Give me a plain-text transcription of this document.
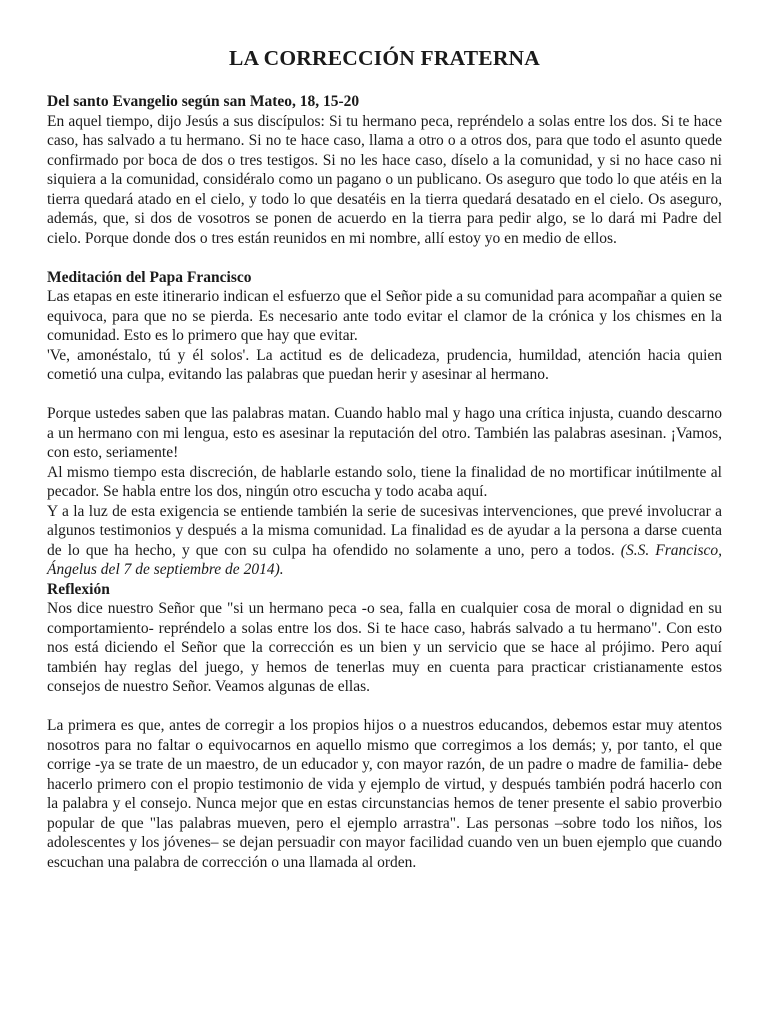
LA CORRECCIÓN FRATERNA
Del santo Evangelio según san Mateo, 18, 15-20

En aquel tiempo, dijo Jesús a sus discípulos: Si tu hermano peca, repréndelo a solas entre los dos. Si te hace caso, has salvado a tu hermano. Si no te hace caso, llama a otro o a otros dos, para que todo el asunto quede confirmado por boca de dos o tres testigos. Si no les hace caso, díselo a la comunidad, y si no hace caso ni siquiera a la comunidad, considéralo como un pagano o un publicano. Os aseguro que todo lo que atéis en la tierra quedará atado en el cielo, y todo lo que desatéis en la tierra quedará desatado en el cielo. Os aseguro, además, que, si dos de vosotros se ponen de acuerdo en la tierra para pedir algo, se lo dará mi Padre del cielo. Porque donde dos o tres están reunidos en mi nombre, allí estoy yo en medio de ellos.

Meditación del Papa Francisco

Las etapas en este itinerario indican el esfuerzo que el Señor pide a su comunidad para acompañar a quien se equivoca, para que no se pierda. Es necesario ante todo evitar el clamor de la crónica y los chismes en la comunidad. Esto es lo primero que hay que evitar.

'Ve, amonéstalo, tú y él solos'. La actitud es de delicadeza, prudencia, humildad, atención hacia quien cometió una culpa, evitando las palabras que puedan herir y asesinar al hermano.

Porque ustedes saben que las palabras matan. Cuando hablo mal y hago una crítica injusta, cuando descarno a un hermano con mi lengua, esto es asesinar la reputación del otro. También las palabras asesinan. ¡Vamos, con esto, seriamente!

Al mismo tiempo esta discreción, de hablarle estando solo, tiene la finalidad de no mortificar inútilmente al pecador. Se habla entre los dos, ningún otro escucha y todo acaba aquí.

Y a la luz de esta exigencia se entiende también la serie de sucesivas intervenciones, que prevé involucrar a algunos testimonios y después a la misma comunidad. La finalidad es de ayudar a la persona a darse cuenta de lo que ha hecho, y que con su culpa ha ofendido no solamente a uno, pero a todos. (S.S. Francisco, Ángelus del 7 de septiembre de 2014).

Reflexión

Nos dice nuestro Señor que "si un hermano peca -o sea, falla en cualquier cosa de moral o dignidad en su comportamiento- repréndelo a solas entre los dos. Si te hace caso, habrás salvado a tu hermano". Con esto nos está diciendo el Señor que la corrección es un bien y un servicio que se hace al prójimo. Pero aquí también hay reglas del juego, y hemos de tenerlas muy en cuenta para practicar cristianamente estos consejos de nuestro Señor. Veamos algunas de ellas.

La primera es que, antes de corregir a los propios hijos o a nuestros educandos, debemos estar muy atentos nosotros para no faltar o equivocarnos en aquello mismo que corregimos a los demás; y, por tanto, el que corrige -ya se trate de un maestro, de un educador y, con mayor razón, de un padre o madre de familia- debe hacerlo primero con el propio testimonio de vida y ejemplo de virtud, y después también podrá hacerlo con la palabra y el consejo. Nunca mejor que en estas circunstancias hemos de tener presente el sabio proverbio popular de que "las palabras mueven, pero el ejemplo arrastra". Las personas –sobre todo los niños, los adolescentes y los jóvenes– se dejan persuadir con mayor facilidad cuando ven un buen ejemplo que cuando escuchan una palabra de corrección o una llamada al orden.
